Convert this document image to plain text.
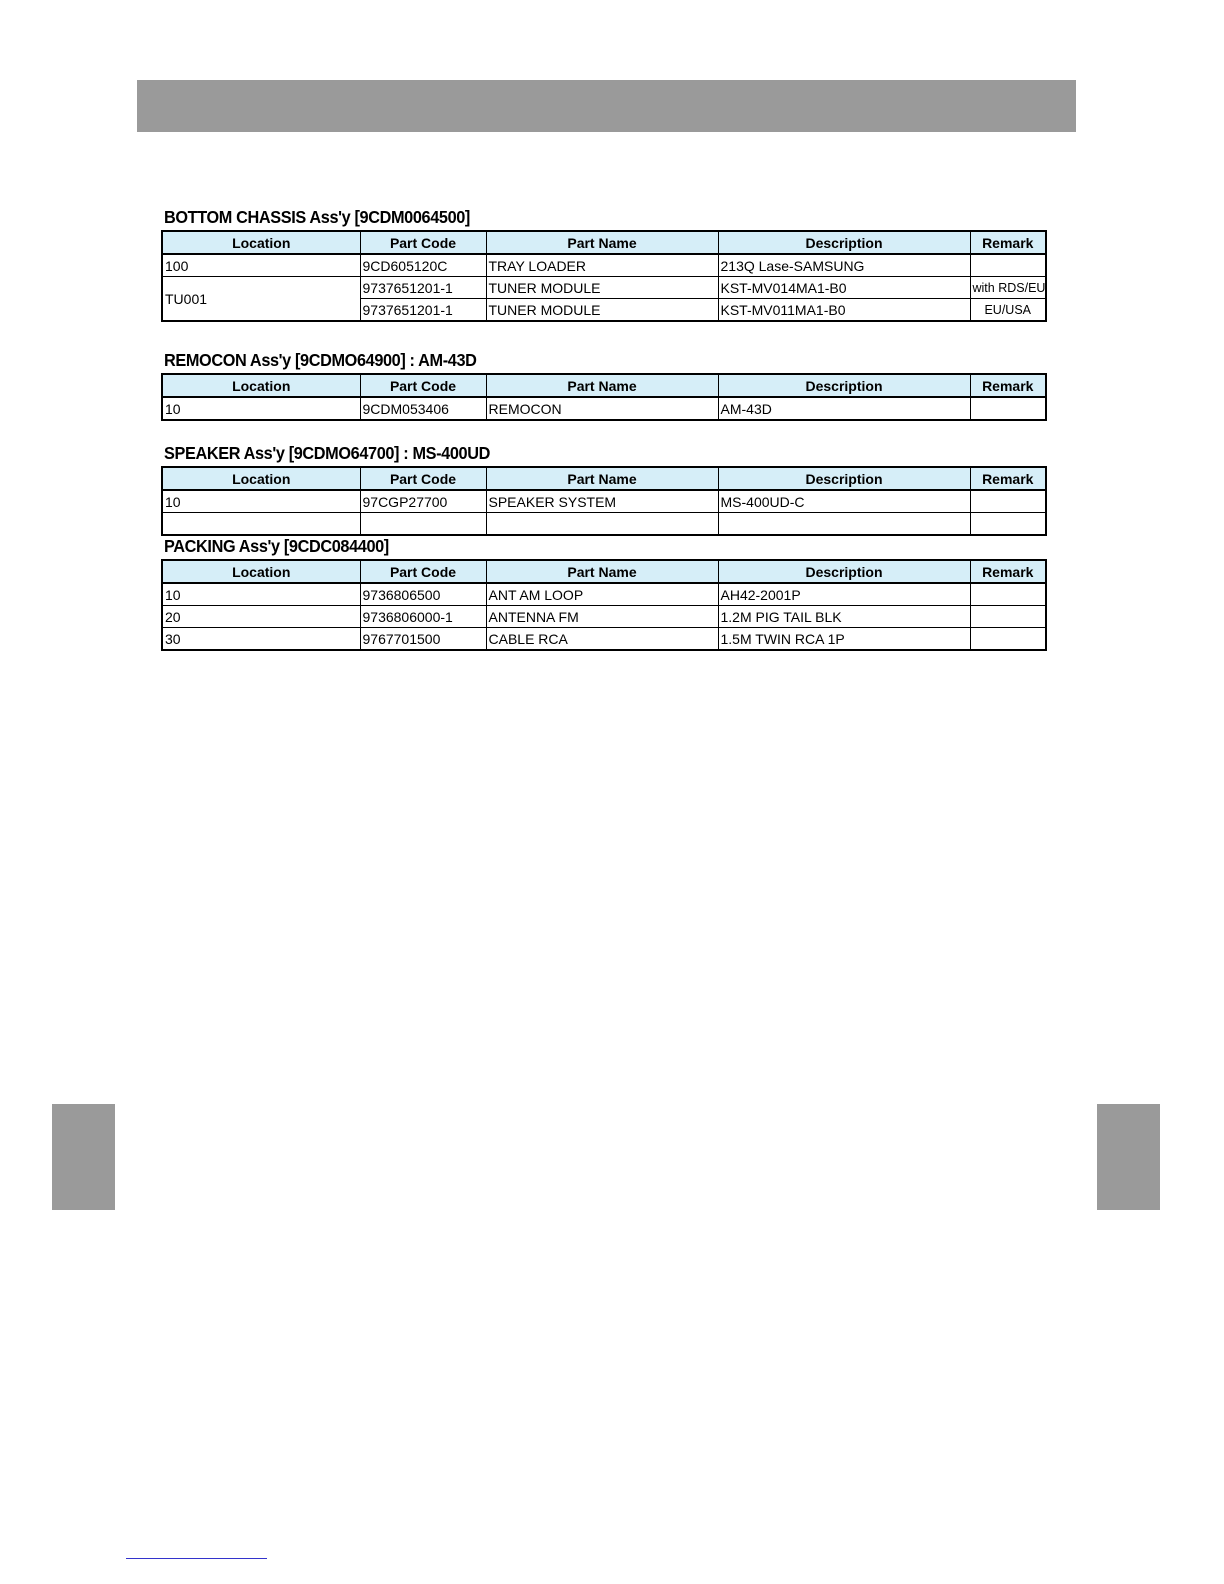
BOTTOM CHASSIS Ass'y [9CDM0064500]
Location	Part Code	Part Name	Description	Remark
100	9CD605120C	TRAY LOADER	213Q Lase-SAMSUNG	
TU001	9737651201-1	TUNER MODULE	KST-MV014MA1-B0	with RDS/EU
	9737651201-1	TUNER MODULE	KST-MV011MA1-B0	EU/USA
REMOCON Ass'y [9CDMO64900] : AM-43D
Location	Part Code	Part Name	Description	Remark
10	9CDM053406	REMOCON	AM-43D	
SPEAKER Ass'y [9CDMO64700] : MS-400UD
Location	Part Code	Part Name	Description	Remark
10	97CGP27700	SPEAKER SYSTEM	MS-400UD-C	

PACKING Ass'y [9CDC084400]
Location	Part Code	Part Name	Description	Remark
10	9736806500	ANT AM LOOP	AH42-2001P	
20	9736806000-1	ANTENNA FM	1.2M PIG TAIL BLK	
30	9767701500	CABLE RCA	1.5M TWIN RCA 1P	
